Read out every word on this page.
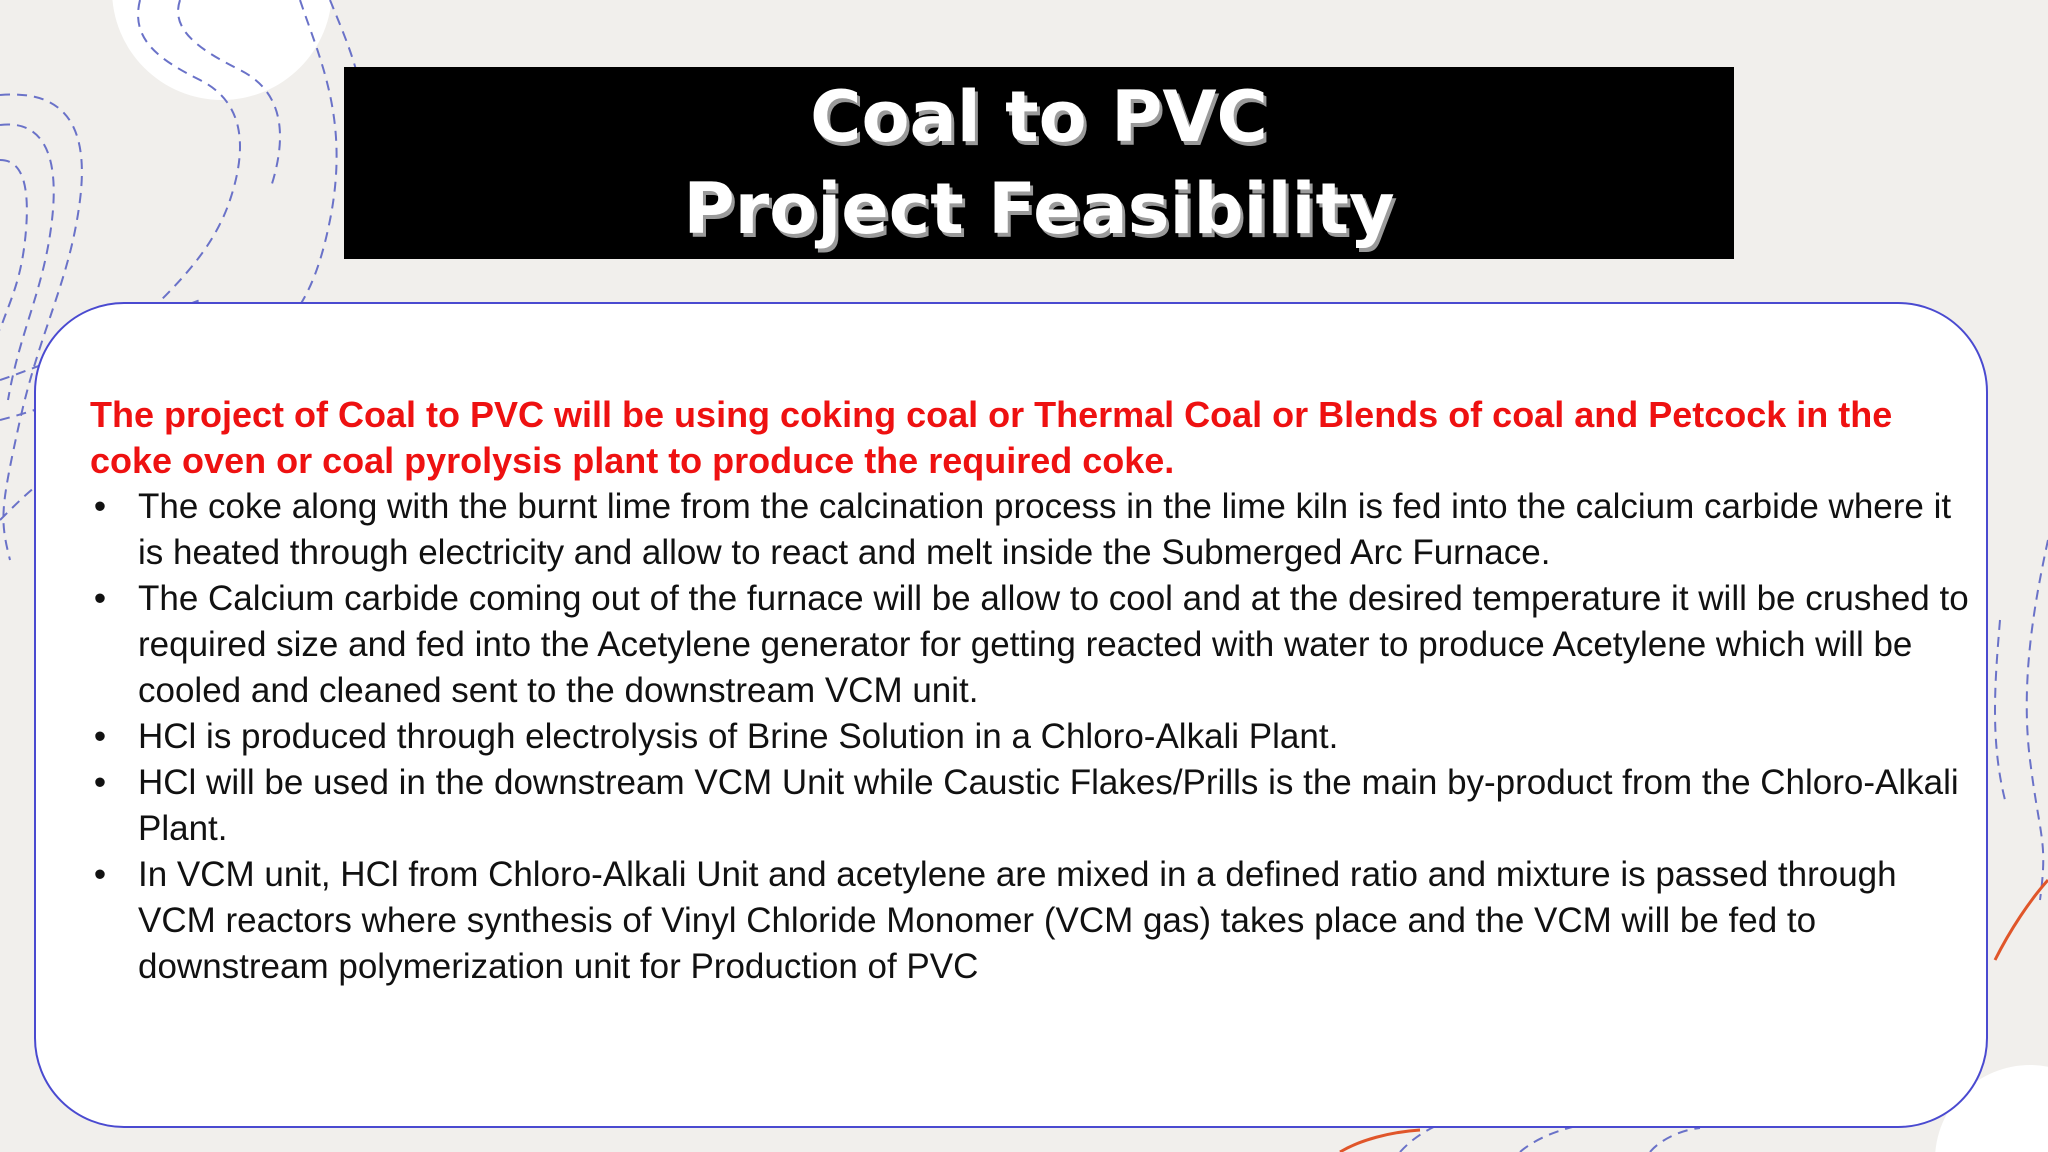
Coal to PVC
Project Feasibility

The project of Coal to PVC will be using coking coal or Thermal Coal or Blends of coal and Petcock in the coke oven or coal pyrolysis plant to produce the required coke.

• The coke along with the burnt lime from the calcination process in the lime kiln is fed into the calcium carbide where it is heated through electricity and allow to react and melt inside the Submerged Arc Furnace.
• The Calcium carbide coming out of the furnace will be allow to cool and at the desired temperature it will be crushed to required size and fed into the Acetylene generator for getting reacted with water to produce Acetylene which will be cooled and cleaned sent to the downstream VCM unit.
• HCl is produced through electrolysis of Brine Solution in a Chloro-Alkali Plant.
• HCl will be used in the downstream VCM Unit while Caustic Flakes/Prills is the main by-product from the Chloro-Alkali Plant.
• In VCM unit, HCl from Chloro-Alkali Unit and acetylene are mixed in a defined ratio and mixture is passed through VCM reactors where synthesis of Vinyl Chloride Monomer (VCM gas) takes place and the VCM will be fed to downstream polymerization unit for Production of PVC
